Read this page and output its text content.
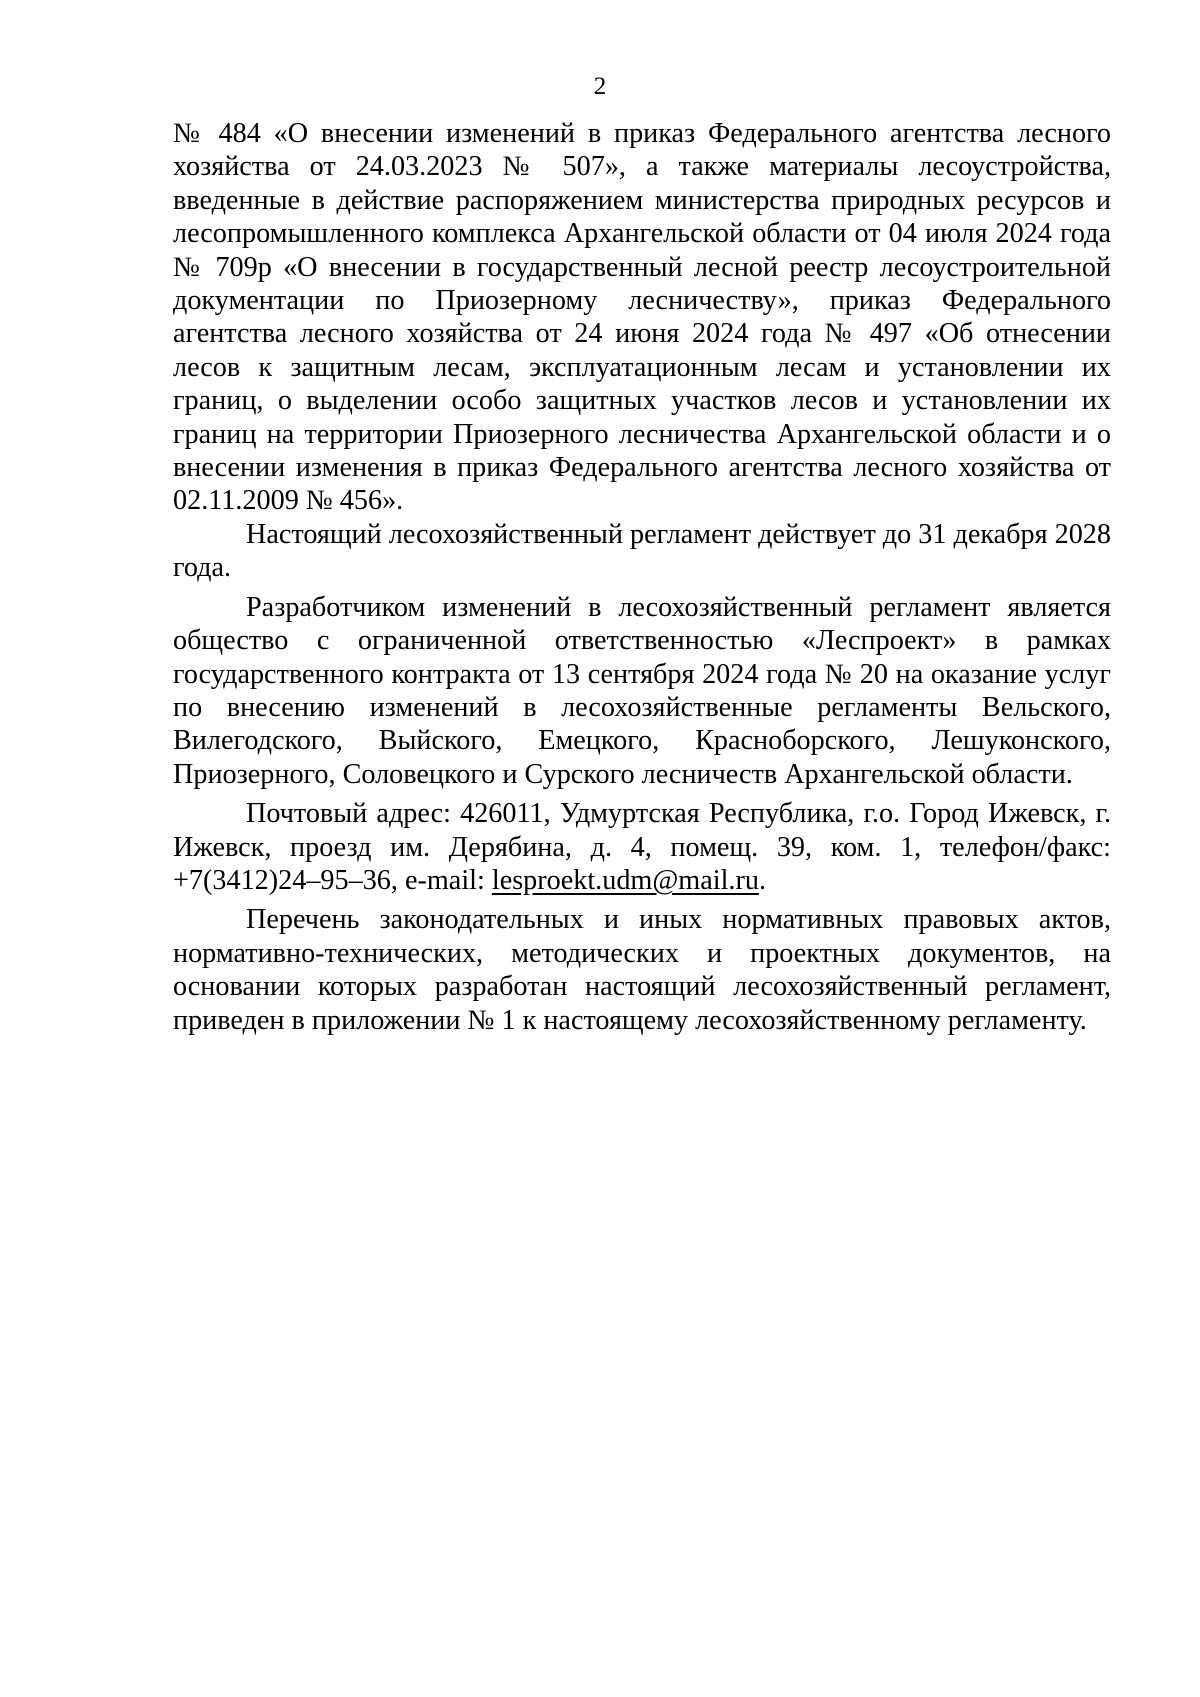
2

№ 484 «О внесении изменений в приказ Федерального агентства лесного хозяйства от 24.03.2023 № 507», а также материалы лесоустройства, введенные в действие распоряжением министерства природных ресурсов и лесопромышленного комплекса Архангельской области от 04 июля 2024 года № 709р «О внесении в государственный лесной реестр лесоустроительной документации по Приозерному лесничеству», приказ Федерального агентства лесного хозяйства от 24 июня 2024 года № 497 «Об отнесении лесов к защитным лесам, эксплуатационным лесам и установлении их границ, о выделении особо защитных участков лесов и установлении их границ на территории Приозерного лесничества Архангельской области и о внесении изменения в приказ Федерального агентства лесного хозяйства от 02.11.2009 № 456».

Настоящий лесохозяйственный регламент действует до 31 декабря 2028 года.

Разработчиком изменений в лесохозяйственный регламент является общество с ограниченной ответственностью «Леспроект» в рамках государственного контракта от 13 сентября 2024 года № 20 на оказание услуг по внесению изменений в лесохозяйственные регламенты Вельского, Вилегодского, Выйского, Емецкого, Красноборского, Лешуконского, Приозерного, Соловецкого и Сурского лесничеств Архангельской области.

Почтовый адрес: 426011, Удмуртская Республика, г.о. Город Ижевск, г. Ижевск, проезд им. Дерябина, д. 4, помещ. 39, ком. 1, телефон/факс: +7(3412)24–95–36, e-mail: lesproekt.udm@mail.ru.

Перечень законодательных и иных нормативных правовых актов, нормативно-технических, методических и проектных документов, на основании которых разработан настоящий лесохозяйственный регламент, приведен в приложении № 1 к настоящему лесохозяйственному регламенту.
